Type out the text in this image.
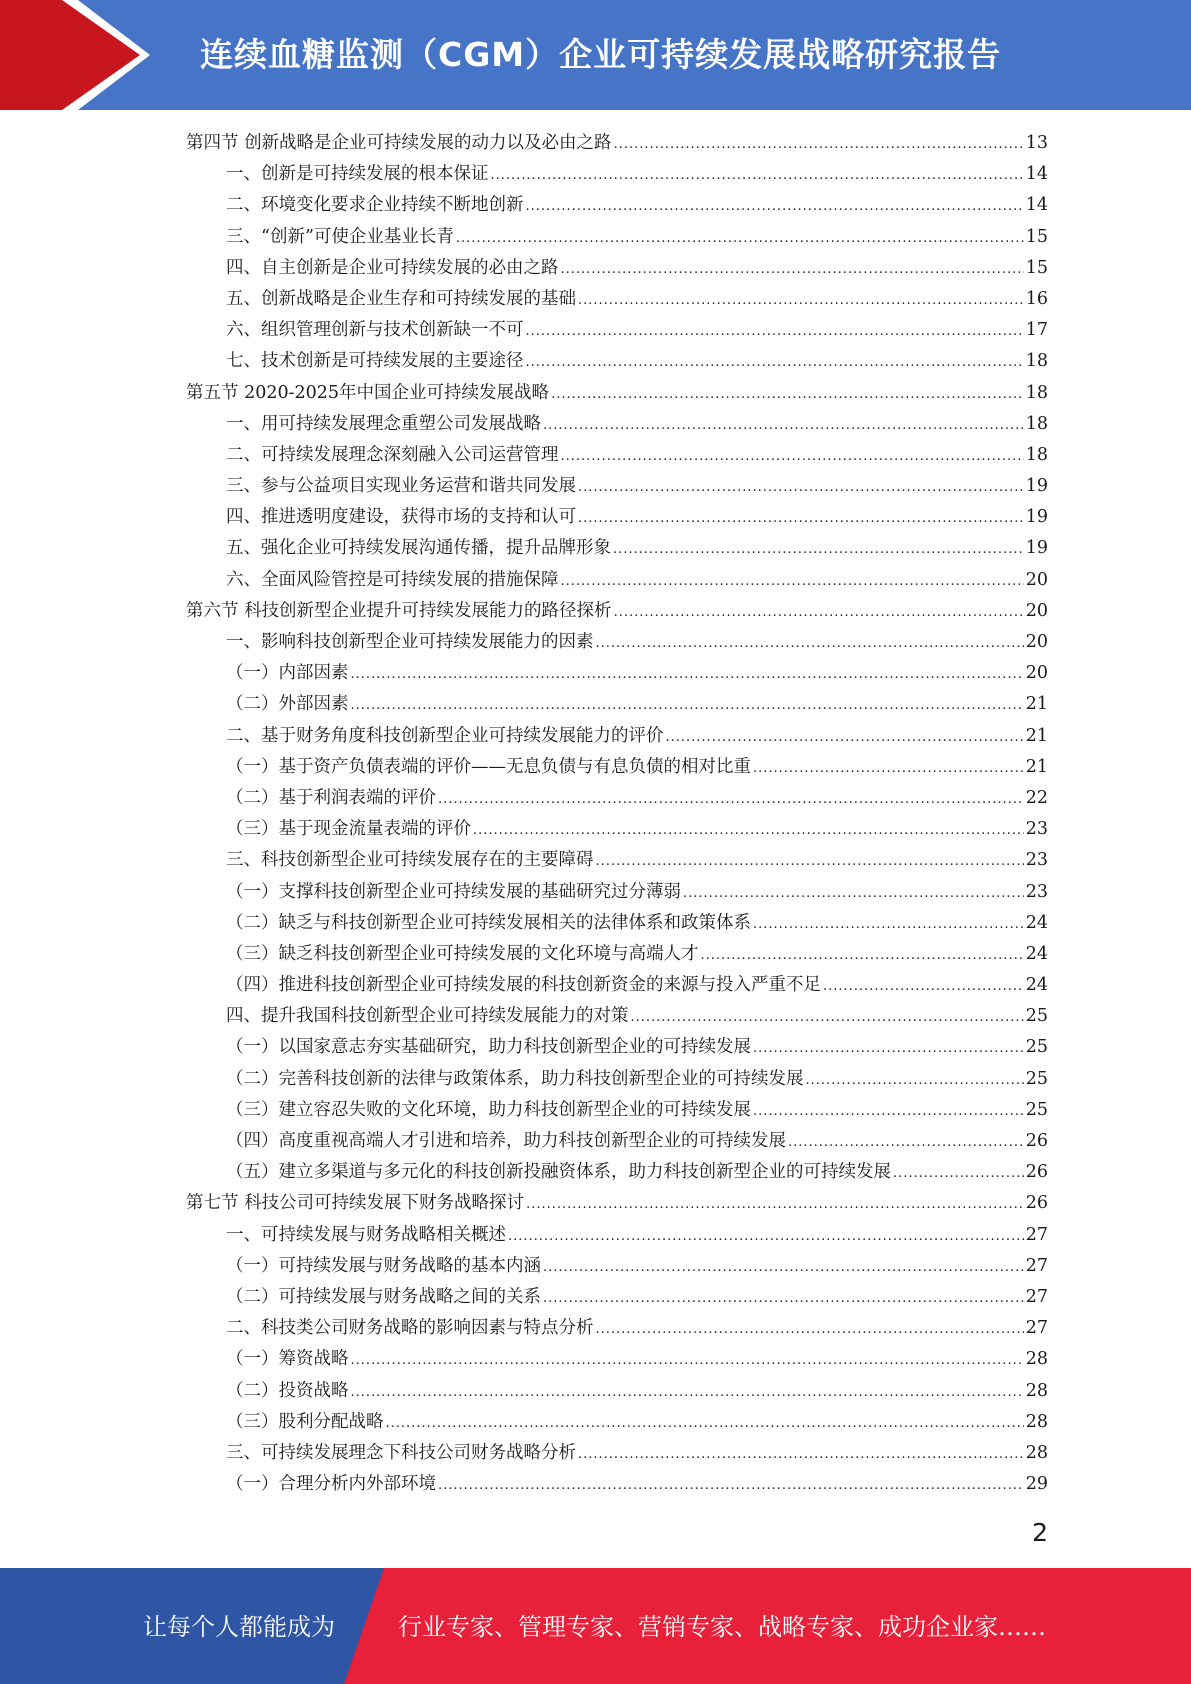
连续血糖监测（CGM）企业可持续发展战略研究报告
第四节 创新战略是企业可持续发展的动力以及必由之路 .....	13
一、创新是可持续发展的根本保证 .....	14
二、环境变化要求企业持续不断地创新 .....	14
三、“创新”可使企业基业长青 .....	15
四、自主创新是企业可持续发展的必由之路 .....	15
五、创新战略是企业生存和可持续发展的基础 .....	16
六、组织管理创新与技术创新缺一不可 .....	17
七、技术创新是可持续发展的主要途径 .....	18
第五节 2020-2025年中国企业可持续发展战略 .....	18
一、用可持续发展理念重塑公司发展战略 .....	18
二、可持续发展理念深刻融入公司运营管理 .....	18
三、参与公益项目实现业务运营和谐共同发展 .....	19
四、推进透明度建设，获得市场的支持和认可 .....	19
五、强化企业可持续发展沟通传播，提升品牌形象 .....	19
六、全面风险管控是可持续发展的措施保障 .....	20
第六节 科技创新型企业提升可持续发展能力的路径探析 .....	20
一、影响科技创新型企业可持续发展能力的因素 .....	20
（一）内部因素 .....	20
（二）外部因素 .....	21
二、基于财务角度科技创新型企业可持续发展能力的评价 .....	21
（一）基于资产负债表端的评价——无息负债与有息负债的相对比重 .....	21
（二）基于利润表端的评价 .....	22
（三）基于现金流量表端的评价 .....	23
三、科技创新型企业可持续发展存在的主要障碍 .....	23
（一）支撑科技创新型企业可持续发展的基础研究过分薄弱 .....	23
（二）缺乏与科技创新型企业可持续发展相关的法律体系和政策体系 .....	24
（三）缺乏科技创新型企业可持续发展的文化环境与高端人才 .....	24
（四）推进科技创新型企业可持续发展的科技创新资金的来源与投入严重不足 .....	24
四、提升我国科技创新型企业可持续发展能力的对策 .....	25
（一）以国家意志夯实基础研究，助力科技创新型企业的可持续发展 .....	25
（二）完善科技创新的法律与政策体系，助力科技创新型企业的可持续发展 .....	25
（三）建立容忍失败的文化环境，助力科技创新型企业的可持续发展 .....	25
（四）高度重视高端人才引进和培养，助力科技创新型企业的可持续发展 .....	26
（五）建立多渠道与多元化的科技创新投融资体系，助力科技创新型企业的可持续发展 .....	26
第七节 科技公司可持续发展下财务战略探讨 .....	26
一、可持续发展与财务战略相关概述 .....	27
（一）可持续发展与财务战略的基本内涵 .....	27
（二）可持续发展与财务战略之间的关系 .....	27
二、科技类公司财务战略的影响因素与特点分析 .....	27
（一）筹资战略 .....	28
（二）投资战略 .....	28
（三）股利分配战略 .....	28
三、可持续发展理念下科技公司财务战略分析 .....	28
（一）合理分析内外部环境 .....	29
2
让每个人都能成为	行业专家、管理专家、营销专家、战略专家、成功企业家……
